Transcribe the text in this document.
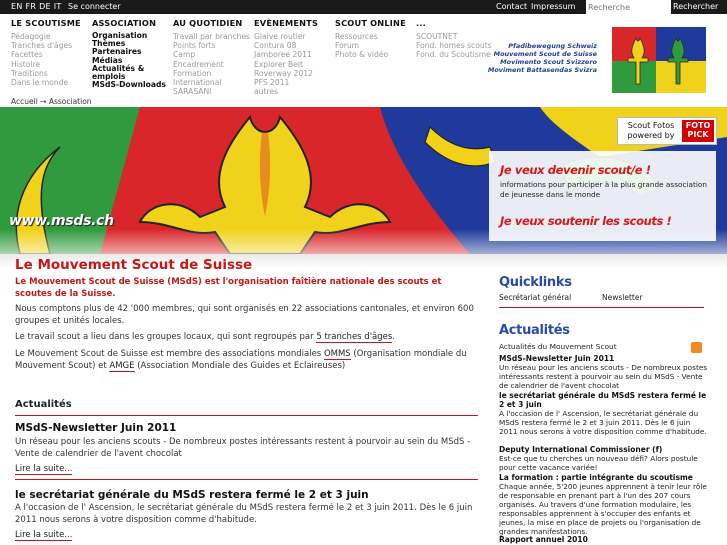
EN FR DE IT Se connecter	Contact Impressum
Recherche	Rechercher
LE SCOUTISME
Pédagogie
Tranches d'âges
Facettes
Histoire
Traditions
Dans le monde
ASSOCIATION
Organisation
Thèmes
Partenaires
Médias
Actualités &
emplois
MSdS-Downloads
AU QUOTIDIEN
Travail par branches
Points forts
Camp
Encadrement
Formation
International
SARASANI
EVÈNEMENTS
Glaive routier
Contura 08
Jamboree 2011
Explorer Belt
Roverway 2012
PFS 2011
autres
SCOUT ONLINE
Ressources
Forum
Photo & vidéo
...
SCOUTNET
Fond. homes scouts
Fond. du Scoutisme
Accueil → Association
Pfadibewegung Schweiz
Mouvement Scout de Suisse
Movimento Scout Svizzero
Moviment Battasendas Svizra
www.msds.ch
Scout Fotos powered by
FOTO
PICK
Je veux devenir scout/e !
informations pour participer à la plus grande association de jeunesse dans le monde
Je veux soutenir les scouts !
Le Mouvement Scout de Suisse
Le Mouvement Scout de Suisse (MSdS) est l'organisation faîtière nationale des scouts et scoutes de la Suisse.
Nous comptons plus de 42 '000 membres, qui sont organisés en 22 associations cantonales, et environ 600 groupes et unités locales.
Le travail scout a lieu dans les groupes locaux, qui sont regroupés par 5 tranches d'âges.
Le Mouvement Scout de Suisse est membre des associations mondiales OMMS (Organisation mondiale du Mouvement Scout) et AMGE (Association Mondiale des Guides et Eclaireuses)
Actualités
MSdS-Newsletter Juin 2011
Un réseau pour les anciens scouts - De nombreux postes intéressants restent à pourvoir au sein du MSdS - Vente de calendrier de l'avent chocolat
Lire la suite...
le secrétariat générale du MSdS restera fermé le 2 et 3 juin
A l'occasion de l' Ascension, le secrétariat générale du MSdS restera fermé le 2 et 3 juin 2011. Dès le 6 juin 2011 nous serons à votre disposition comme d'habitude.
Lire la suite...
Quicklinks
Secrétariat général	Newsletter
Actualités
Actualités du Mouvement Scout
MSdS-Newsletter Juin 2011
Un réseau pour les anciens scouts - De nombreux postes intéressants restent à pourvoir au sein du MSdS - Vente de calendrier de l'avent chocolat
le secrétariat générale du MSdS restera fermé le 2 et 3 juin
A l'occasion de l' Ascension, le secrétariat générale du MSdS restera fermé le 2 et 3 juin 2011. Dès le 6 juin 2011 nous serons à votre disposition comme d'habitude.
Deputy International Commissioner (f)
Est-ce que tu cherches un nouveau défi? Alors postule pour cette vacance variée!
La formation : partie intégrante du scoutisme
Chaque année, 5'200 jeunes apprennent à tenir leur rôle de responsable en prenant part à l'un des 207 cours organisés. Au travers d'une formation modulaire, les responsables apprennent à s'occuper des enfants et jeunes, la mise en place de projets ou l'organisation de grandes manifestations.
Rapport annuel 2010
